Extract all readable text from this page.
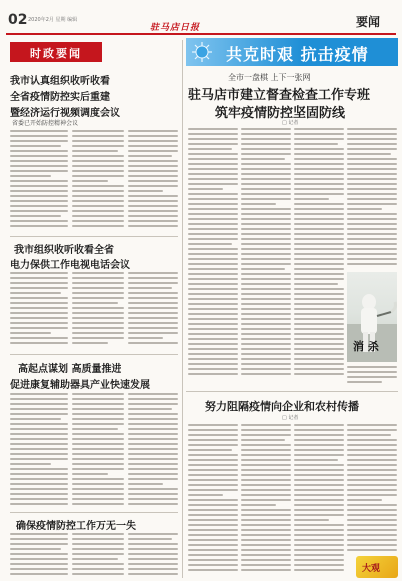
02 2020年2月 星期 编辑
驻马店日报	要闻
时政要闻
我市认真组织收听收看
全省疫情防控实后重建
暨经济运行视频调度会议
省委已开始防控精神会议
我市组织收听收看全省
电力保供工作电视电话会议
高起点谋划 高质量推进
促进康复辅助器具产业快速发展
确保疫情防控工作万无一失
共克时艰 抗击疫情
全市一盘棋 上下一张网
驻马店市建立督查检查工作专班
筑牢疫情防控坚固防线
□ 记者
消 杀
努力阻隔疫情向企业和农村传播
□ 记者
大观
